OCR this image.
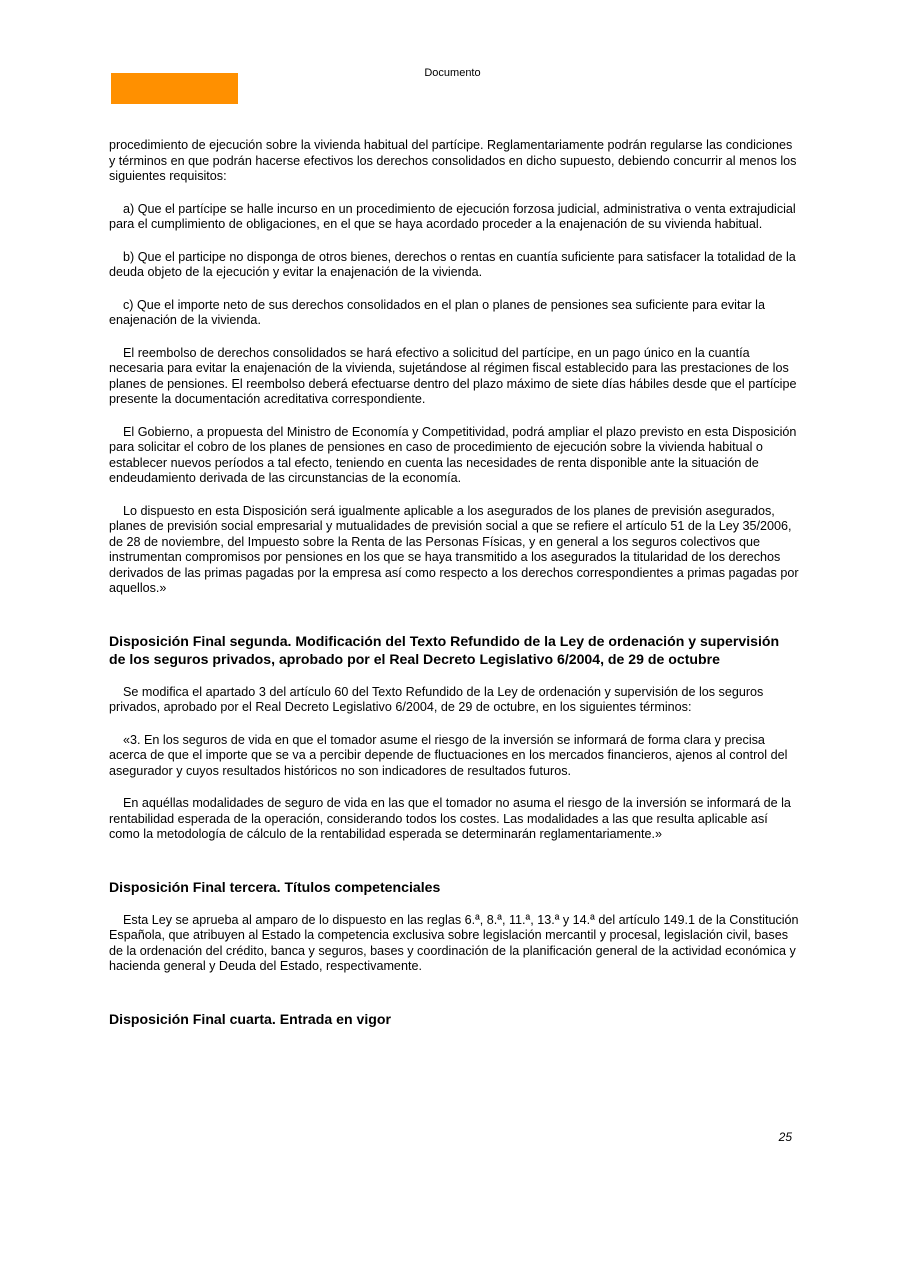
Documento

procedimiento de ejecución sobre la vivienda habitual del partícipe. Reglamentariamente podrán regularse las condiciones y términos en que podrán hacerse efectivos los derechos consolidados en dicho supuesto, debiendo concurrir al menos los siguientes requisitos:

a) Que el partícipe se halle incurso en un procedimiento de ejecución forzosa judicial, administrativa o venta extrajudicial para el cumplimiento de obligaciones, en el que se haya acordado proceder a la enajenación de su vivienda habitual.

b) Que el participe no disponga de otros bienes, derechos o rentas en cuantía suficiente para satisfacer la totalidad de la deuda objeto de la ejecución y evitar la enajenación de la vivienda.

c) Que el importe neto de sus derechos consolidados en el plan o planes de pensiones sea suficiente para evitar la enajenación de la vivienda.

El reembolso de derechos consolidados se hará efectivo a solicitud del partícipe, en un pago único en la cuantía necesaria para evitar la enajenación de la vivienda, sujetándose al régimen fiscal establecido para las prestaciones de los planes de pensiones. El reembolso deberá efectuarse dentro del plazo máximo de siete días hábiles desde que el partícipe presente la documentación acreditativa correspondiente.

El Gobierno, a propuesta del Ministro de Economía y Competitividad, podrá ampliar el plazo previsto en esta Disposición para solicitar el cobro de los planes de pensiones en caso de procedimiento de ejecución sobre la vivienda habitual o establecer nuevos períodos a tal efecto, teniendo en cuenta las necesidades de renta disponible ante la situación de endeudamiento derivada de las circunstancias de la economía.

Lo dispuesto en esta Disposición será igualmente aplicable a los asegurados de los planes de previsión asegurados, planes de previsión social empresarial y mutualidades de previsión social a que se refiere el artículo 51 de la Ley 35/2006, de 28 de noviembre, del Impuesto sobre la Renta de las Personas Físicas, y en general a los seguros colectivos que instrumentan compromisos por pensiones en los que se haya transmitido a los asegurados la titularidad de los derechos derivados de las primas pagadas por la empresa así como respecto a los derechos correspondientes a primas pagadas por aquellos.»

Disposición Final segunda. Modificación del Texto Refundido de la Ley de ordenación y supervisión de los seguros privados, aprobado por el Real Decreto Legislativo 6/2004, de 29 de octubre

Se modifica el apartado 3 del artículo 60 del Texto Refundido de la Ley de ordenación y supervisión de los seguros privados, aprobado por el Real Decreto Legislativo 6/2004, de 29 de octubre, en los siguientes términos:

«3. En los seguros de vida en que el tomador asume el riesgo de la inversión se informará de forma clara y precisa acerca de que el importe que se va a percibir depende de fluctuaciones en los mercados financieros, ajenos al control del asegurador y cuyos resultados históricos no son indicadores de resultados futuros.

En aquéllas modalidades de seguro de vida en las que el tomador no asuma el riesgo de la inversión se informará de la rentabilidad esperada de la operación, considerando todos los costes. Las modalidades a las que resulta aplicable así como la metodología de cálculo de la rentabilidad esperada se determinarán reglamentariamente.»

Disposición Final tercera. Títulos competenciales

Esta Ley se aprueba al amparo de lo dispuesto en las reglas 6.ª, 8.ª, 11.ª, 13.ª y 14.ª del artículo 149.1 de la Constitución Española, que atribuyen al Estado la competencia exclusiva sobre legislación mercantil y procesal, legislación civil, bases de la ordenación del crédito, banca y seguros, bases y coordinación de la planificación general de la actividad económica y hacienda general y Deuda del Estado, respectivamente.

Disposición Final cuarta. Entrada en vigor
25
